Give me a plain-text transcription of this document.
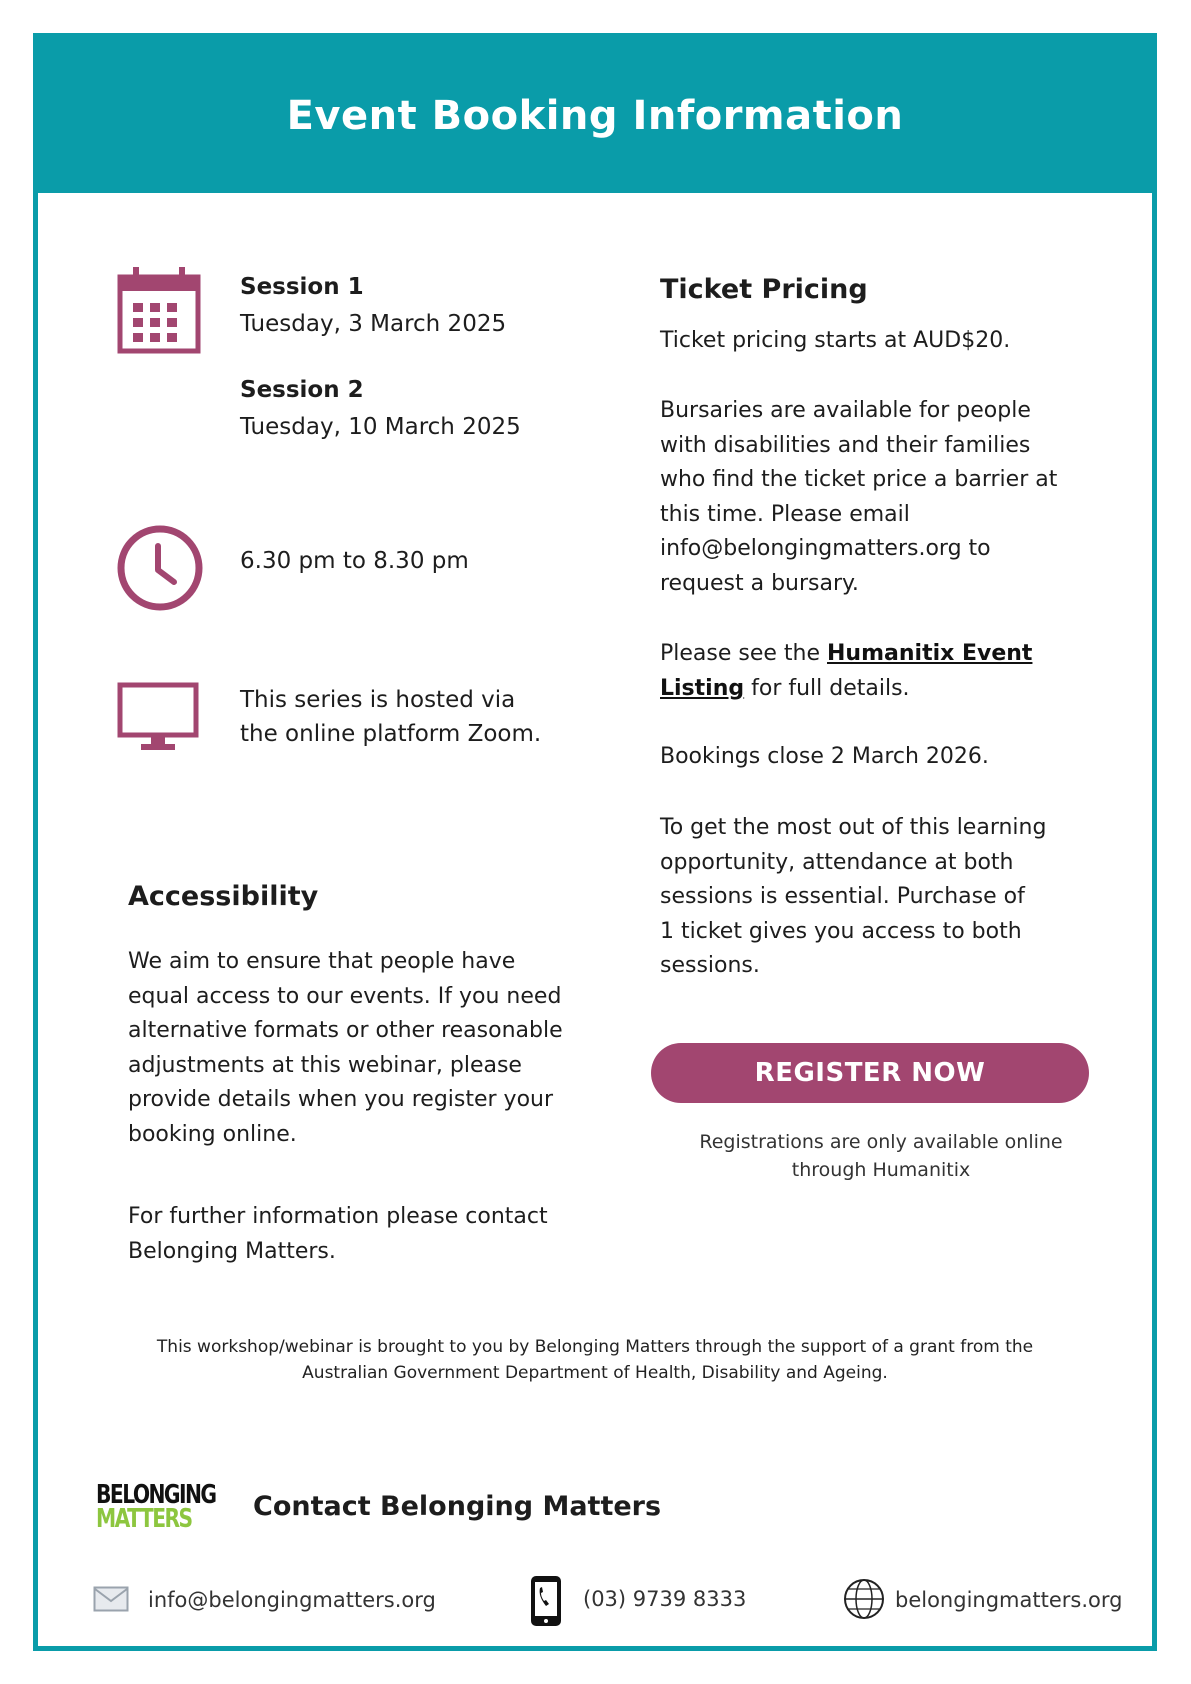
Event Booking Information
Session 1
Tuesday, 3 March 2025
Session 2
Tuesday, 10 March 2025
6.30 pm to 8.30 pm
This series is hosted via
the online platform Zoom.
Accessibility
We aim to ensure that people have
equal access to our events. If you need
alternative formats or other reasonable
adjustments at this webinar, please
provide details when you register your
booking online.
For further information please contact
Belonging Matters.
Ticket Pricing
Ticket pricing starts at AUD$20.
Bursaries are available for people
with disabilities and their families
who find the ticket price a barrier at
this time. Please email
info@belongingmatters.org to
request a bursary.
Please see the Humanitix Event
Listing for full details.
Bookings close 2 March 2026.
To get the most out of this learning
opportunity, attendance at both
sessions is essential. Purchase of
1 ticket gives you access to both
sessions.
REGISTER NOW
Registrations are only available online
through Humanitix
This workshop/webinar is brought to you by Belonging Matters through the support of a grant from the
Australian Government Department of Health, Disability and Ageing.
BELONGING
MATTERS	Contact Belonging Matters
info@belongingmatters.org	(03) 9739 8333	belongingmatters.org
